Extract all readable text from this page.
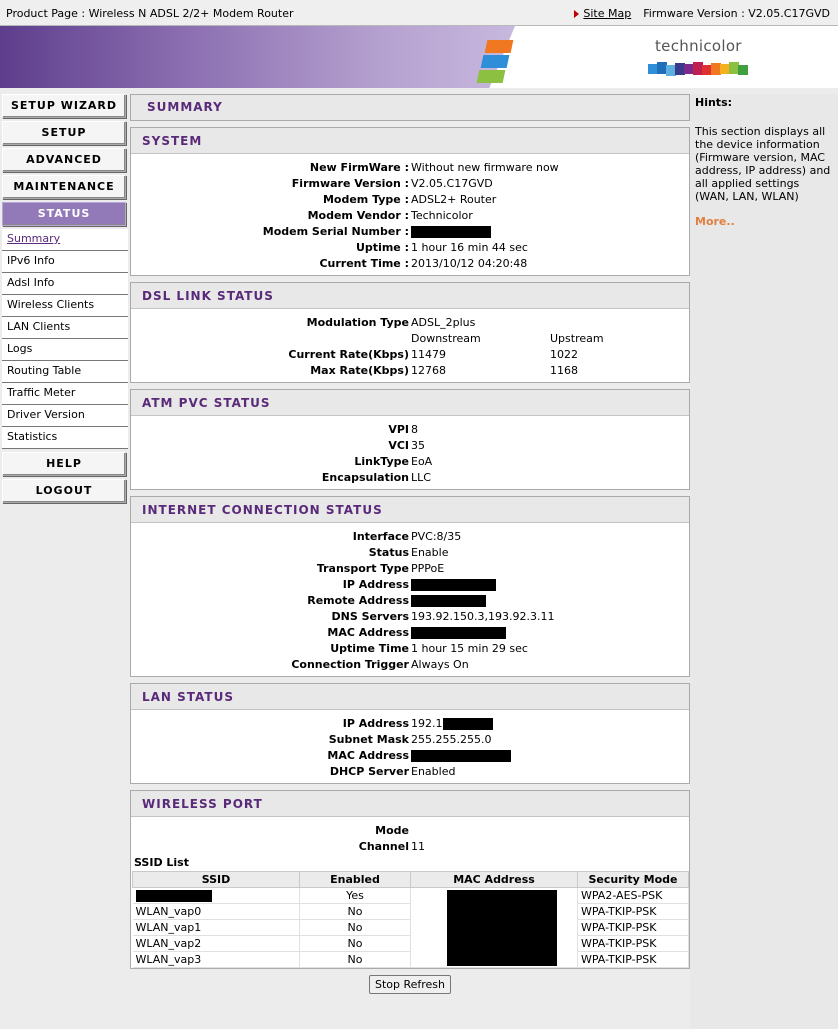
Product Page : Wireless N ADSL 2/2+ Modem Router	Site Map Firmware Version :
V2.05.C17GVD
technicolor
SETUP WIZARD
SETUP
ADVANCED
MAINTENANCE
STATUS
Summary
IPv6 Info
Adsl Info
Wireless Clients
LAN Clients
Logs
Routing Table
Traffic Meter
Driver Version
Statistics
HELP
LOGOUT
SUMMARY
SYSTEM
New FirmWare : Without new firmware now
Firmware Version : V2.05.C17GVD
Modem Type : ADSL2+ Router
Modem Vendor : Technicolor
Modem Serial Number :
Uptime : 1 hour 16 min 44 sec
Current Time : 2013/10/12 04:20:48
DSL LINK STATUS
Modulation Type ADSL_2plus
Downstream	Upstream
Current Rate(Kbps) 11479	1022
Max Rate(Kbps) 12768	1168
ATM PVC STATUS
VPI 8
VCI 35
LinkType EoA
Encapsulation LLC
INTERNET CONNECTION STATUS
Interface PVC:8/35
Status Enable
Transport Type PPPoE
IP Address
Remote Address
DNS Servers 193.92.150.3,193.92.3.11
MAC Address
Uptime Time 1 hour 15 min 29 sec
Connection Trigger Always On
LAN STATUS
IP Address 192.1
Subnet Mask 255.255.255.0
MAC Address
DHCP Server Enabled
WIRELESS PORT
Mode
Channel 11
SSID List
SSID	Enabled	MAC Address	Security Mode
	Yes		WPA2-AES-PSK
WLAN_vap0	No		WPA-TKIP-PSK
WLAN_vap1	No		WPA-TKIP-PSK
WLAN_vap2	No		WPA-TKIP-PSK
WLAN_vap3	No		WPA-TKIP-PSK
Stop Refresh
Hints:
This section displays all the device information (Firmware version, MAC address, IP address) and all applied settings (WAN, LAN, WLAN)
More..
